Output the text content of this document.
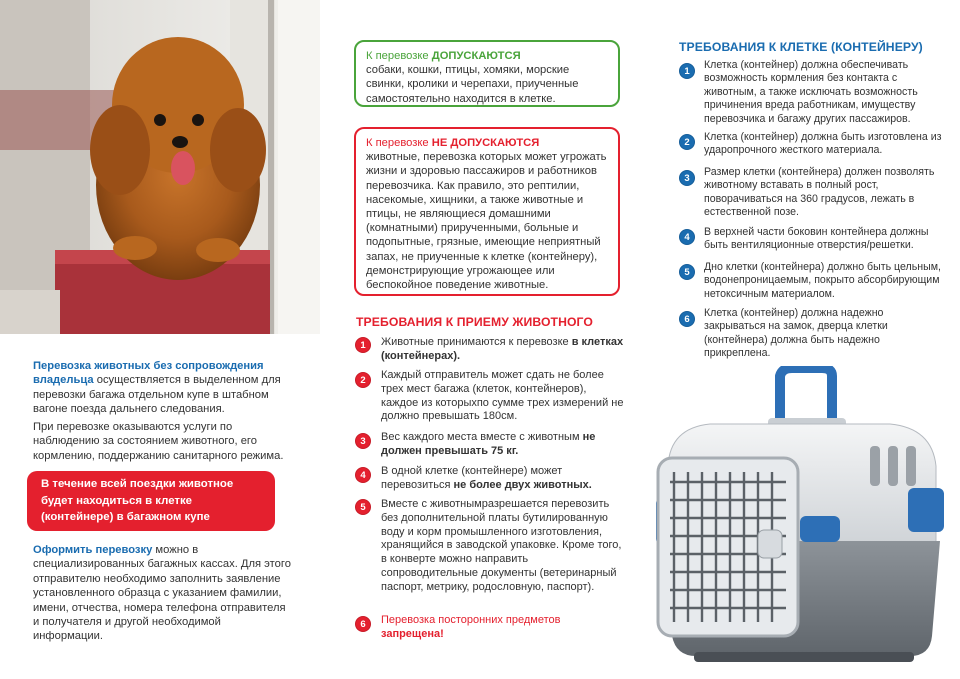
Перевозка животных без сопровождения владельца осуществляется в выделенном для перевозки багажа отдельном купе в штабном вагоне поезда дальнего следования.
При перевозке оказываются услуги по наблюдению за состоянием животного, его кормлению, поддержанию санитарного режима.
В течение всей поездки животное будет находиться в клетке (контейнере) в багажном купе
Оформить перевозку можно в специализированных багажных кассах. Для этого отправителю необходимо заполнить заявление установленного образца с указанием фамилии, имени, отчества, номера телефона отправителя и получателя и другой необходимой информации.
К перевозке ДОПУСКАЮТСЯ
собаки, кошки, птицы, хомяки, морские свинки, кролики и черепахи, приученные самостоятельно находится в клетке.
К перевозке НЕ ДОПУСКАЮТСЯ
животные, перевозка которых может угрожать жизни и здоровью пассажиров и работников перевозчика. Как правило, это рептилии, насекомые, хищники, а также животные и птицы, не являющиеся домашними (комнатными) прирученными, больные и подопытные, грязные, имеющие неприятный запах, не приученные к клетке (контейнеру), демонстрирующие угрожающее или беспокойное поведение животные.
ТРЕБОВАНИЯ К ПРИЕМУ ЖИВОТНОГО
1	Животные принимаются к перевозке в клетках (контейнерах).
2	Каждый отправитель может сдать не более трех мест багажа (клеток, контейнеров), каждое из которыхпо сумме трех измерений не должно превышать 180см.
3	Вес каждого места вместе с животным не должен превышать 75 кг.
4	В одной клетке (контейнере) может перевозиться не более двух животных.
5	Вместе с животнымразрешается перевозить без дополнительной платы бутилированную воду и корм промышленного изготовления, хранящийся в заводской упаковке. Кроме того, в конверте можно направить сопроводительные документы (ветеринарный паспорт, метрику, родословную, паспорт).
6	Перевозка посторонних предметов запрещена!
ТРЕБОВАНИЯ К КЛЕТКЕ (КОНТЕЙНЕРУ)
1
Клетка (контейнер) должна обеспечивать возможность кормления без контакта с животным, а также исключать возможность причинения вреда работникам, имуществу перевозчика и багажу других пассажиров.
2	Клетка (контейнер) должна быть изготовлена из ударопрочного жесткого материала.
3
Размер клетки (контейнера) должен позволять животному вставать в полный рост, поворачиваться на 360 градусов, лежать в естественной позе.
4	В верхней части боковин контейнера должны быть вентиляционные отверстия/решетки.
5	Дно клетки (контейнера) должно быть цельным, водонепроницаемым, покрыто абсорбирующим нетоксичным материалом.
6
Клетка (контейнер) должна надежно закрываться на замок, дверца клетки (контейнера) должна быть надежно прикреплена.
